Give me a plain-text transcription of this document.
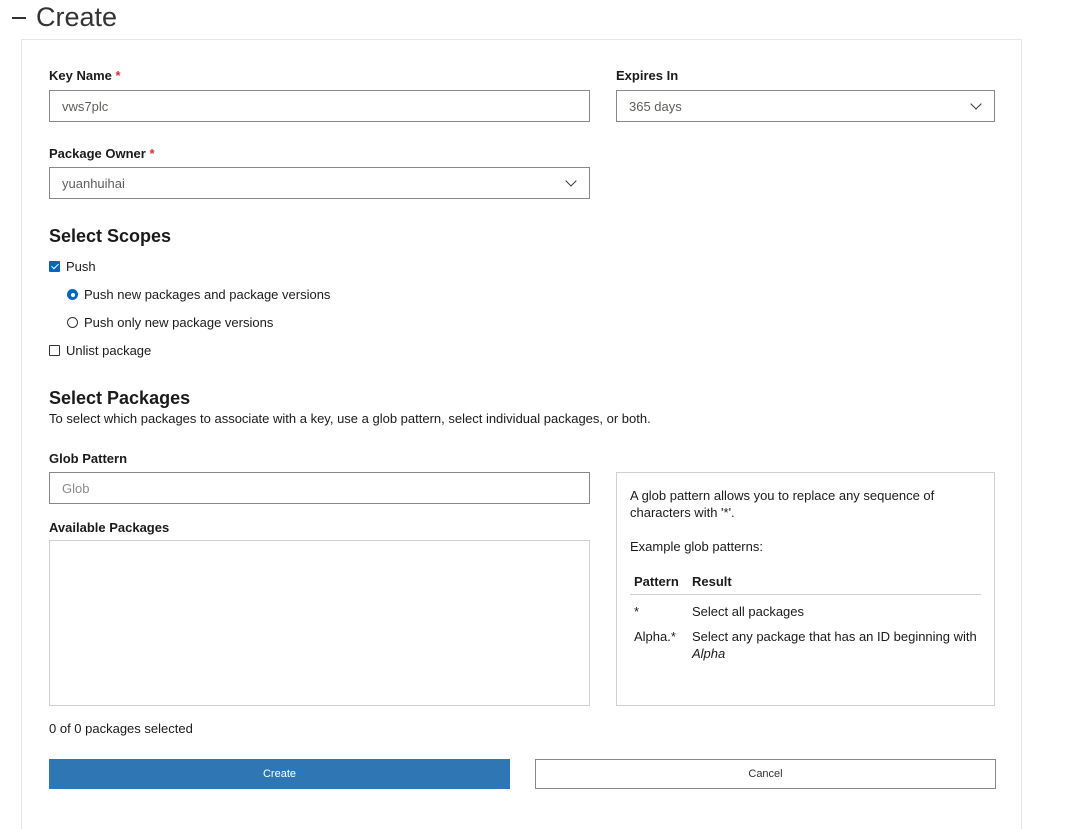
Create
Key Name *
vws7plc
Expires In
365 days
Package Owner *
yuanhuihai
Select Scopes
Push
Push new packages and package versions
Push only new package versions
Unlist package
Select Packages
To select which packages to associate with a key, use a glob pattern, select individual packages, or both.
Glob Pattern
Glob
Available Packages

A glob pattern allows you to replace any sequence of characters with '*'.

Example glob patterns:

Pattern	Result
*	Select all packages
Alpha.*	Select any package that has an ID beginning with Alpha
0 of 0 packages selected
Create	Cancel
